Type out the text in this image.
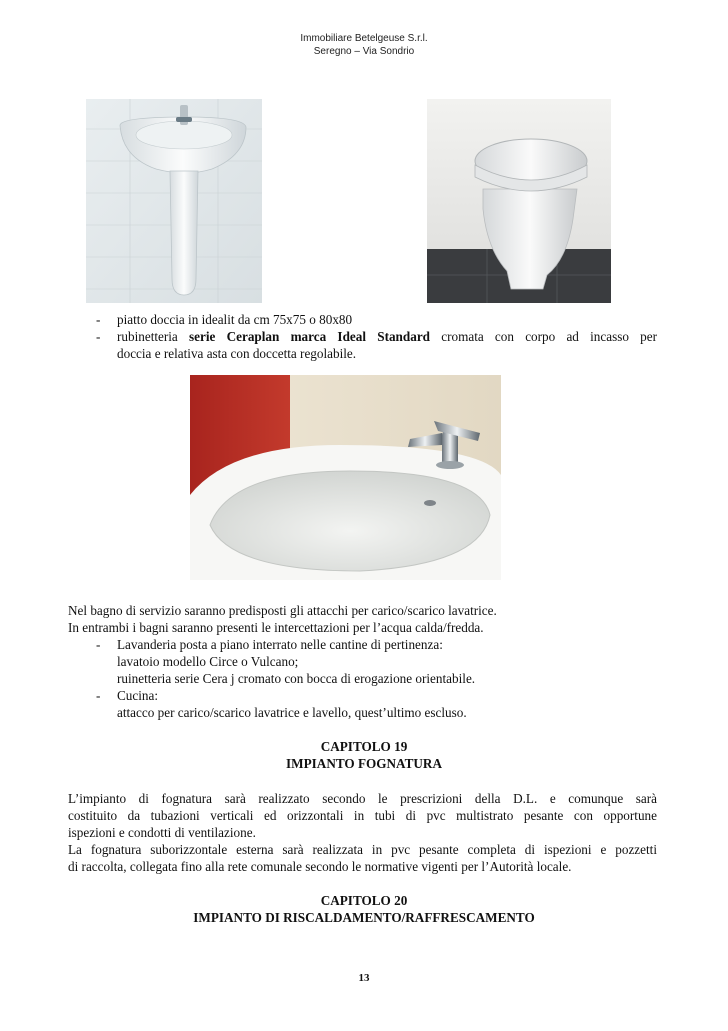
Immobiliare Betelgeuse S.r.l.
Seregno – Via Sondrio
- piatto doccia in idealit da cm 75x75 o 80x80
- rubinetteria serie Ceraplan marca Ideal Standard cromata con corpo ad incasso per
doccia e relativa asta con doccetta regolabile.
Nel bagno di servizio saranno predisposti gli attacchi per carico/scarico lavatrice.
In entrambi i bagni saranno presenti le intercettazioni per l’acqua calda/fredda.
- Lavanderia posta a piano interrato nelle cantine di pertinenza:
lavatoio modello Circe o Vulcano;
ruinetteria serie Cera j cromato con bocca di erogazione orientabile.
- Cucina:
attacco per carico/scarico lavatrice e lavello, quest’ultimo escluso.
CAPITOLO 19
IMPIANTO FOGNATURA
L’impianto di fognatura sarà realizzato secondo le prescrizioni della D.L. e comunque sarà
costituito da tubazioni verticali ed orizzontali in tubi di pvc multistrato pesante con opportune
ispezioni e condotti di ventilazione.
La fognatura suborizzontale esterna sarà realizzata in pvc pesante completa di ispezioni e pozzetti
di raccolta, collegata fino alla rete comunale secondo le normative vigenti per l’Autorità locale.
CAPITOLO 20
IMPIANTO DI RISCALDAMENTO/RAFFRESCAMENTO
13
